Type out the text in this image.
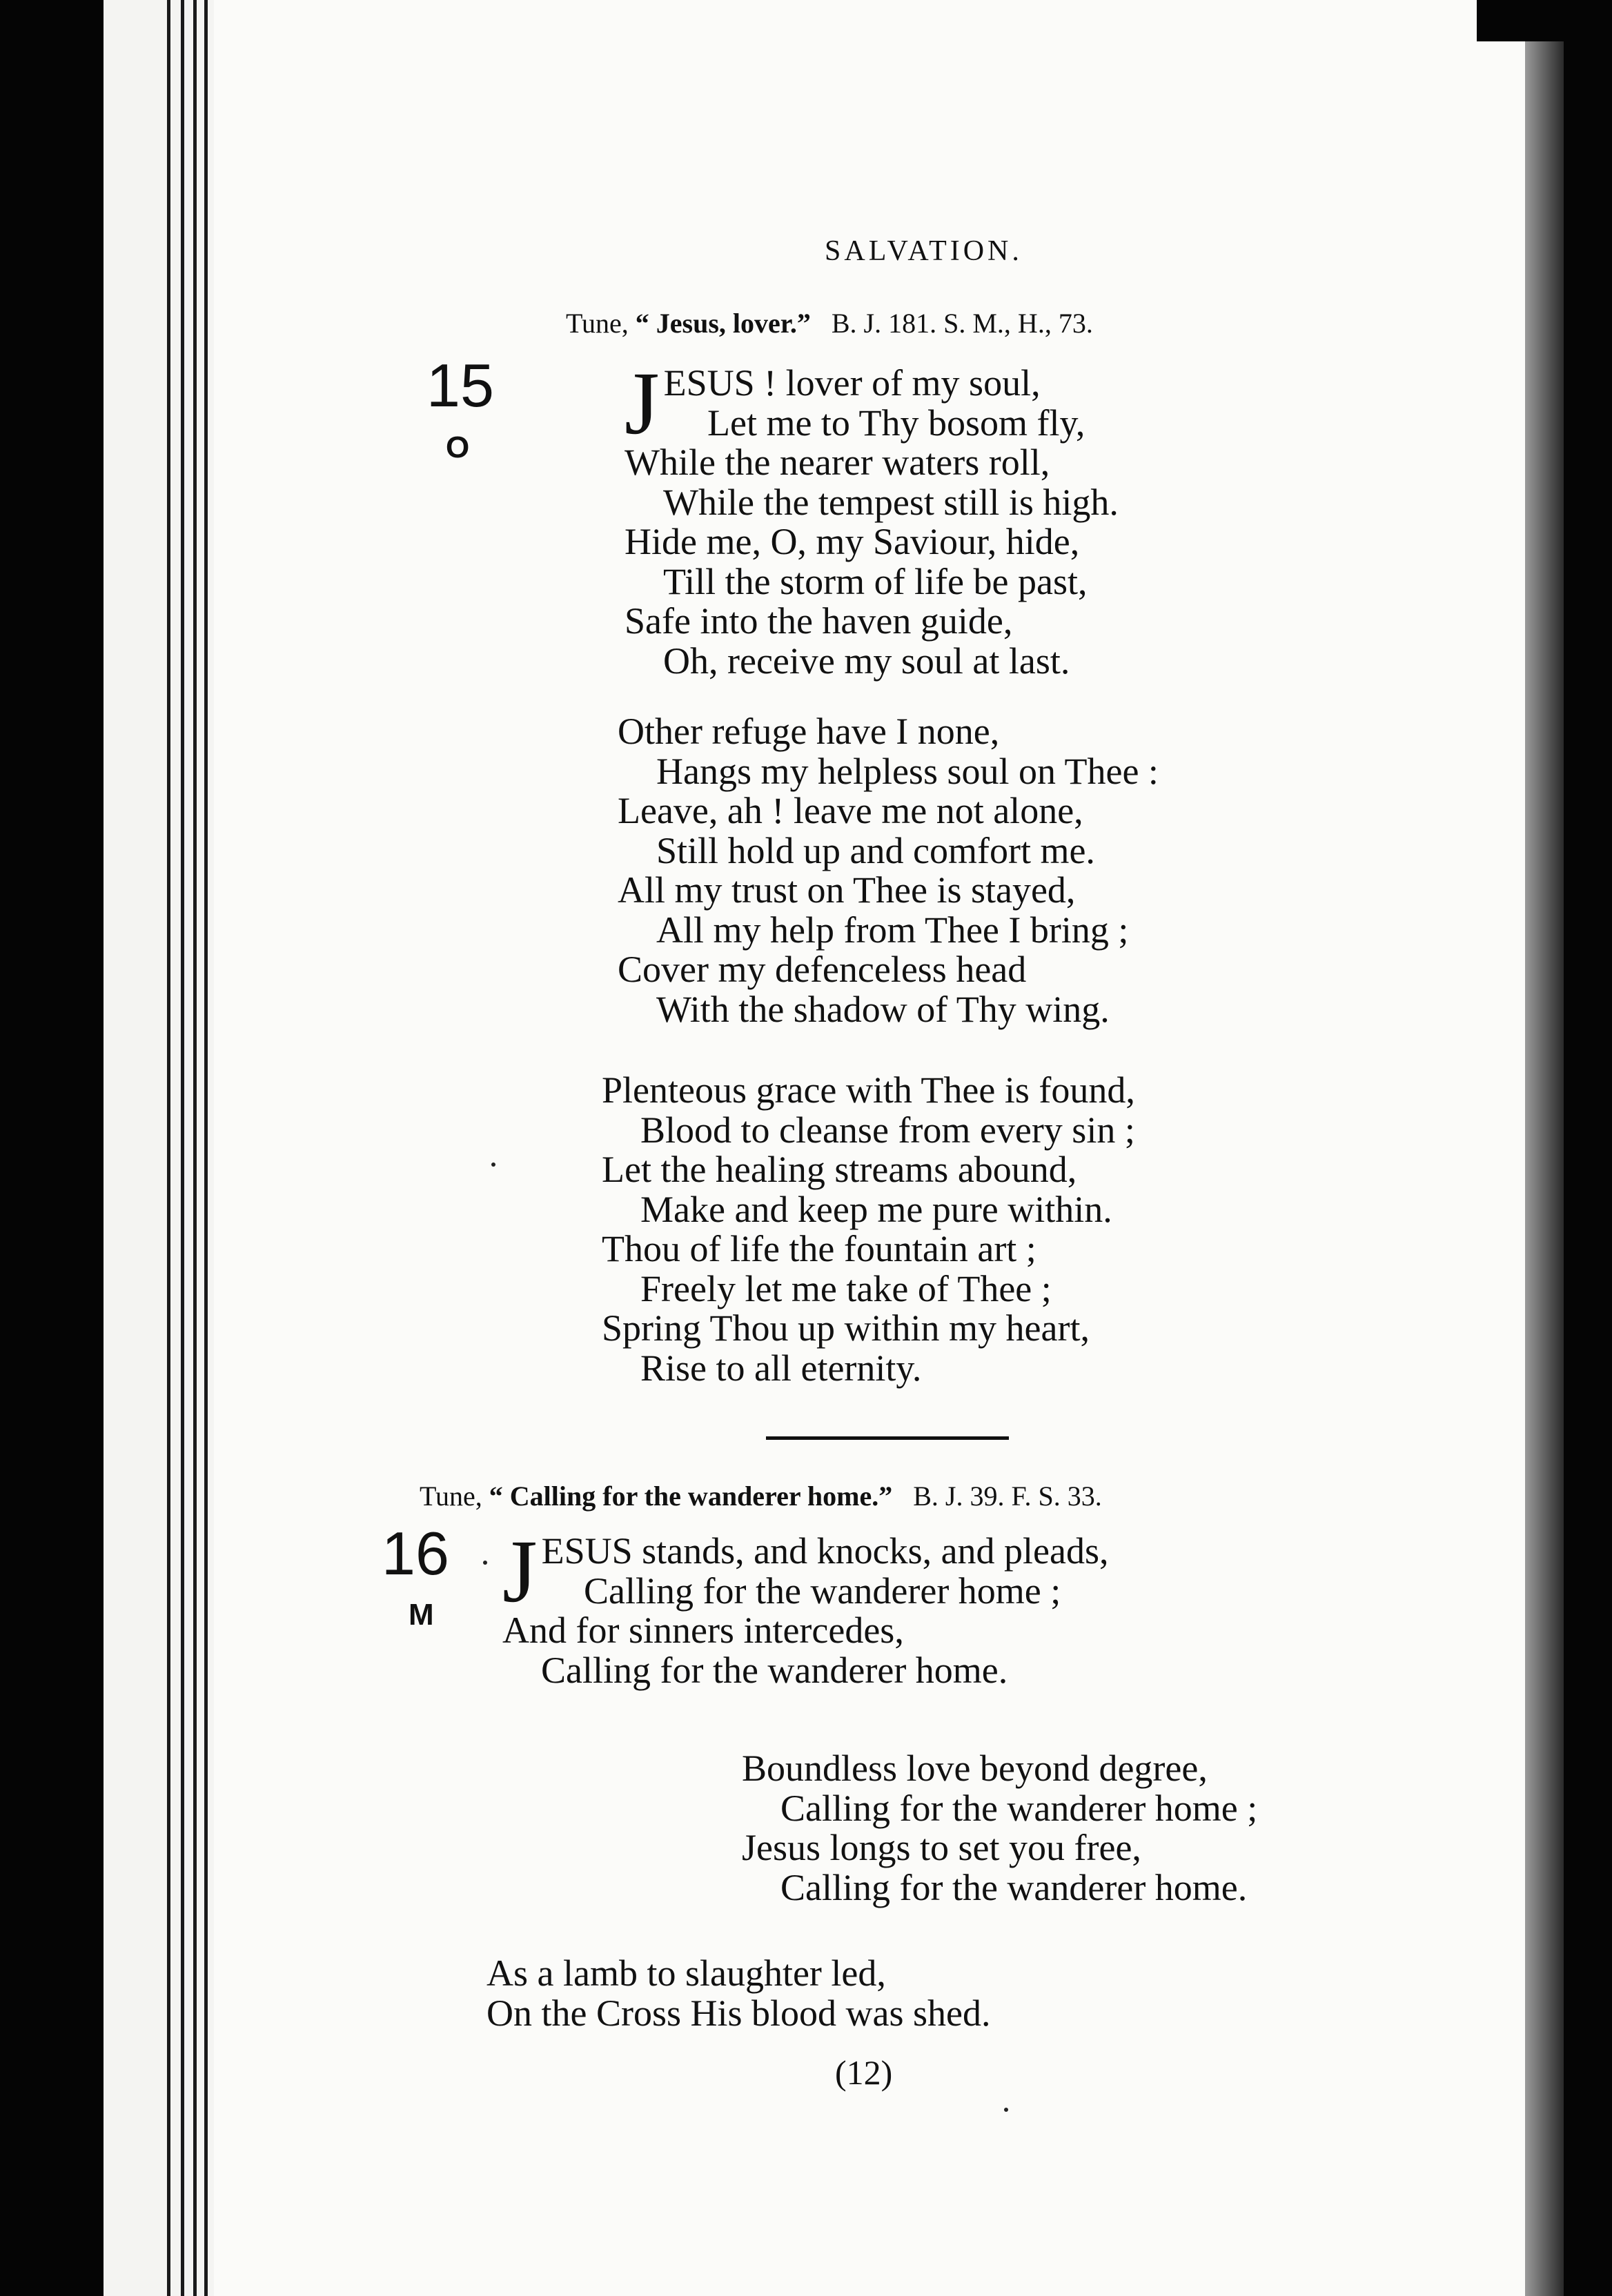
SALVATION.
Tune, “ Jesus, lover.” B. J. 181. S. M., H., 73.
15
O JESUS ! lover of my soul,
Let me to Thy bosom fly,
While the nearer waters roll,
While the tempest still is high.
Hide me, O, my Saviour, hide,
Till the storm of life be past,
Safe into the haven guide,
Oh, receive my soul at last.
Other refuge have I none,
Hangs my helpless soul on Thee :
Leave, ah ! leave me not alone,
Still hold up and comfort me.
All my trust on Thee is stayed,
All my help from Thee I bring ;
Cover my defenceless head
With the shadow of Thy wing.
Plenteous grace with Thee is found,
Blood to cleanse from every sin ;
Let the healing streams abound,
Make and keep me pure within.
Thou of life the fountain art ;
Freely let me take of Thee ;
Spring Thou up within my heart,
Rise to all eternity.
Tune, “ Calling for the wanderer home.” B. J. 39. F. S. 33.
16
M JESUS stands, and knocks, and pleads,
Calling for the wanderer home ;
And for sinners intercedes,
Calling for the wanderer home.
Boundless love beyond degree,
Calling for the wanderer home ;
Jesus longs to set you free,
Calling for the wanderer home.
As a lamb to slaughter led,
On the Cross His blood was shed.
(12)
